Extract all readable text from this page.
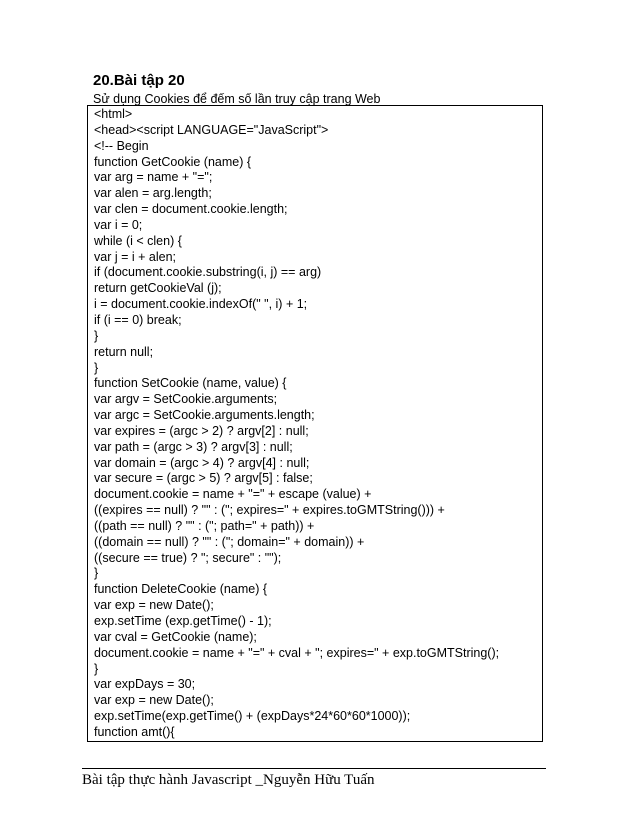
20.Bài tập 20
Sử dụng Cookies để đếm số lần truy cập trang Web
<html>
<head><script LANGUAGE="JavaScript">
<!-- Begin
function GetCookie (name) {
var arg = name + "=";
var alen = arg.length;
var clen = document.cookie.length;
var i = 0;
while (i < clen) {
var j = i + alen;
if (document.cookie.substring(i, j) == arg)
return getCookieVal (j);
i = document.cookie.indexOf(" ", i) + 1;
if (i == 0) break;
}
return null;
}
function SetCookie (name, value) {
var argv = SetCookie.arguments;
var argc = SetCookie.arguments.length;
var expires = (argc > 2) ? argv[2] : null;
var path = (argc > 3) ? argv[3] : null;
var domain = (argc > 4) ? argv[4] : null;
var secure = (argc > 5) ? argv[5] : false;
document.cookie = name + "=" + escape (value) +
((expires == null) ? "" : ("; expires=" + expires.toGMTString())) +
((path == null) ? "" : ("; path=" + path)) +
((domain == null) ? "" : ("; domain=" + domain)) +
((secure == true) ? "; secure" : "");
}
function DeleteCookie (name) {
var exp = new Date();
exp.setTime (exp.getTime() - 1);
var cval = GetCookie (name);
document.cookie = name + "=" + cval + "; expires=" + exp.toGMTString();
}
var expDays = 30;
var exp = new Date();
exp.setTime(exp.getTime() + (expDays*24*60*60*1000));
function amt(){
Bài tập thực hành Javascript _Nguyễn Hữu Tuấn
